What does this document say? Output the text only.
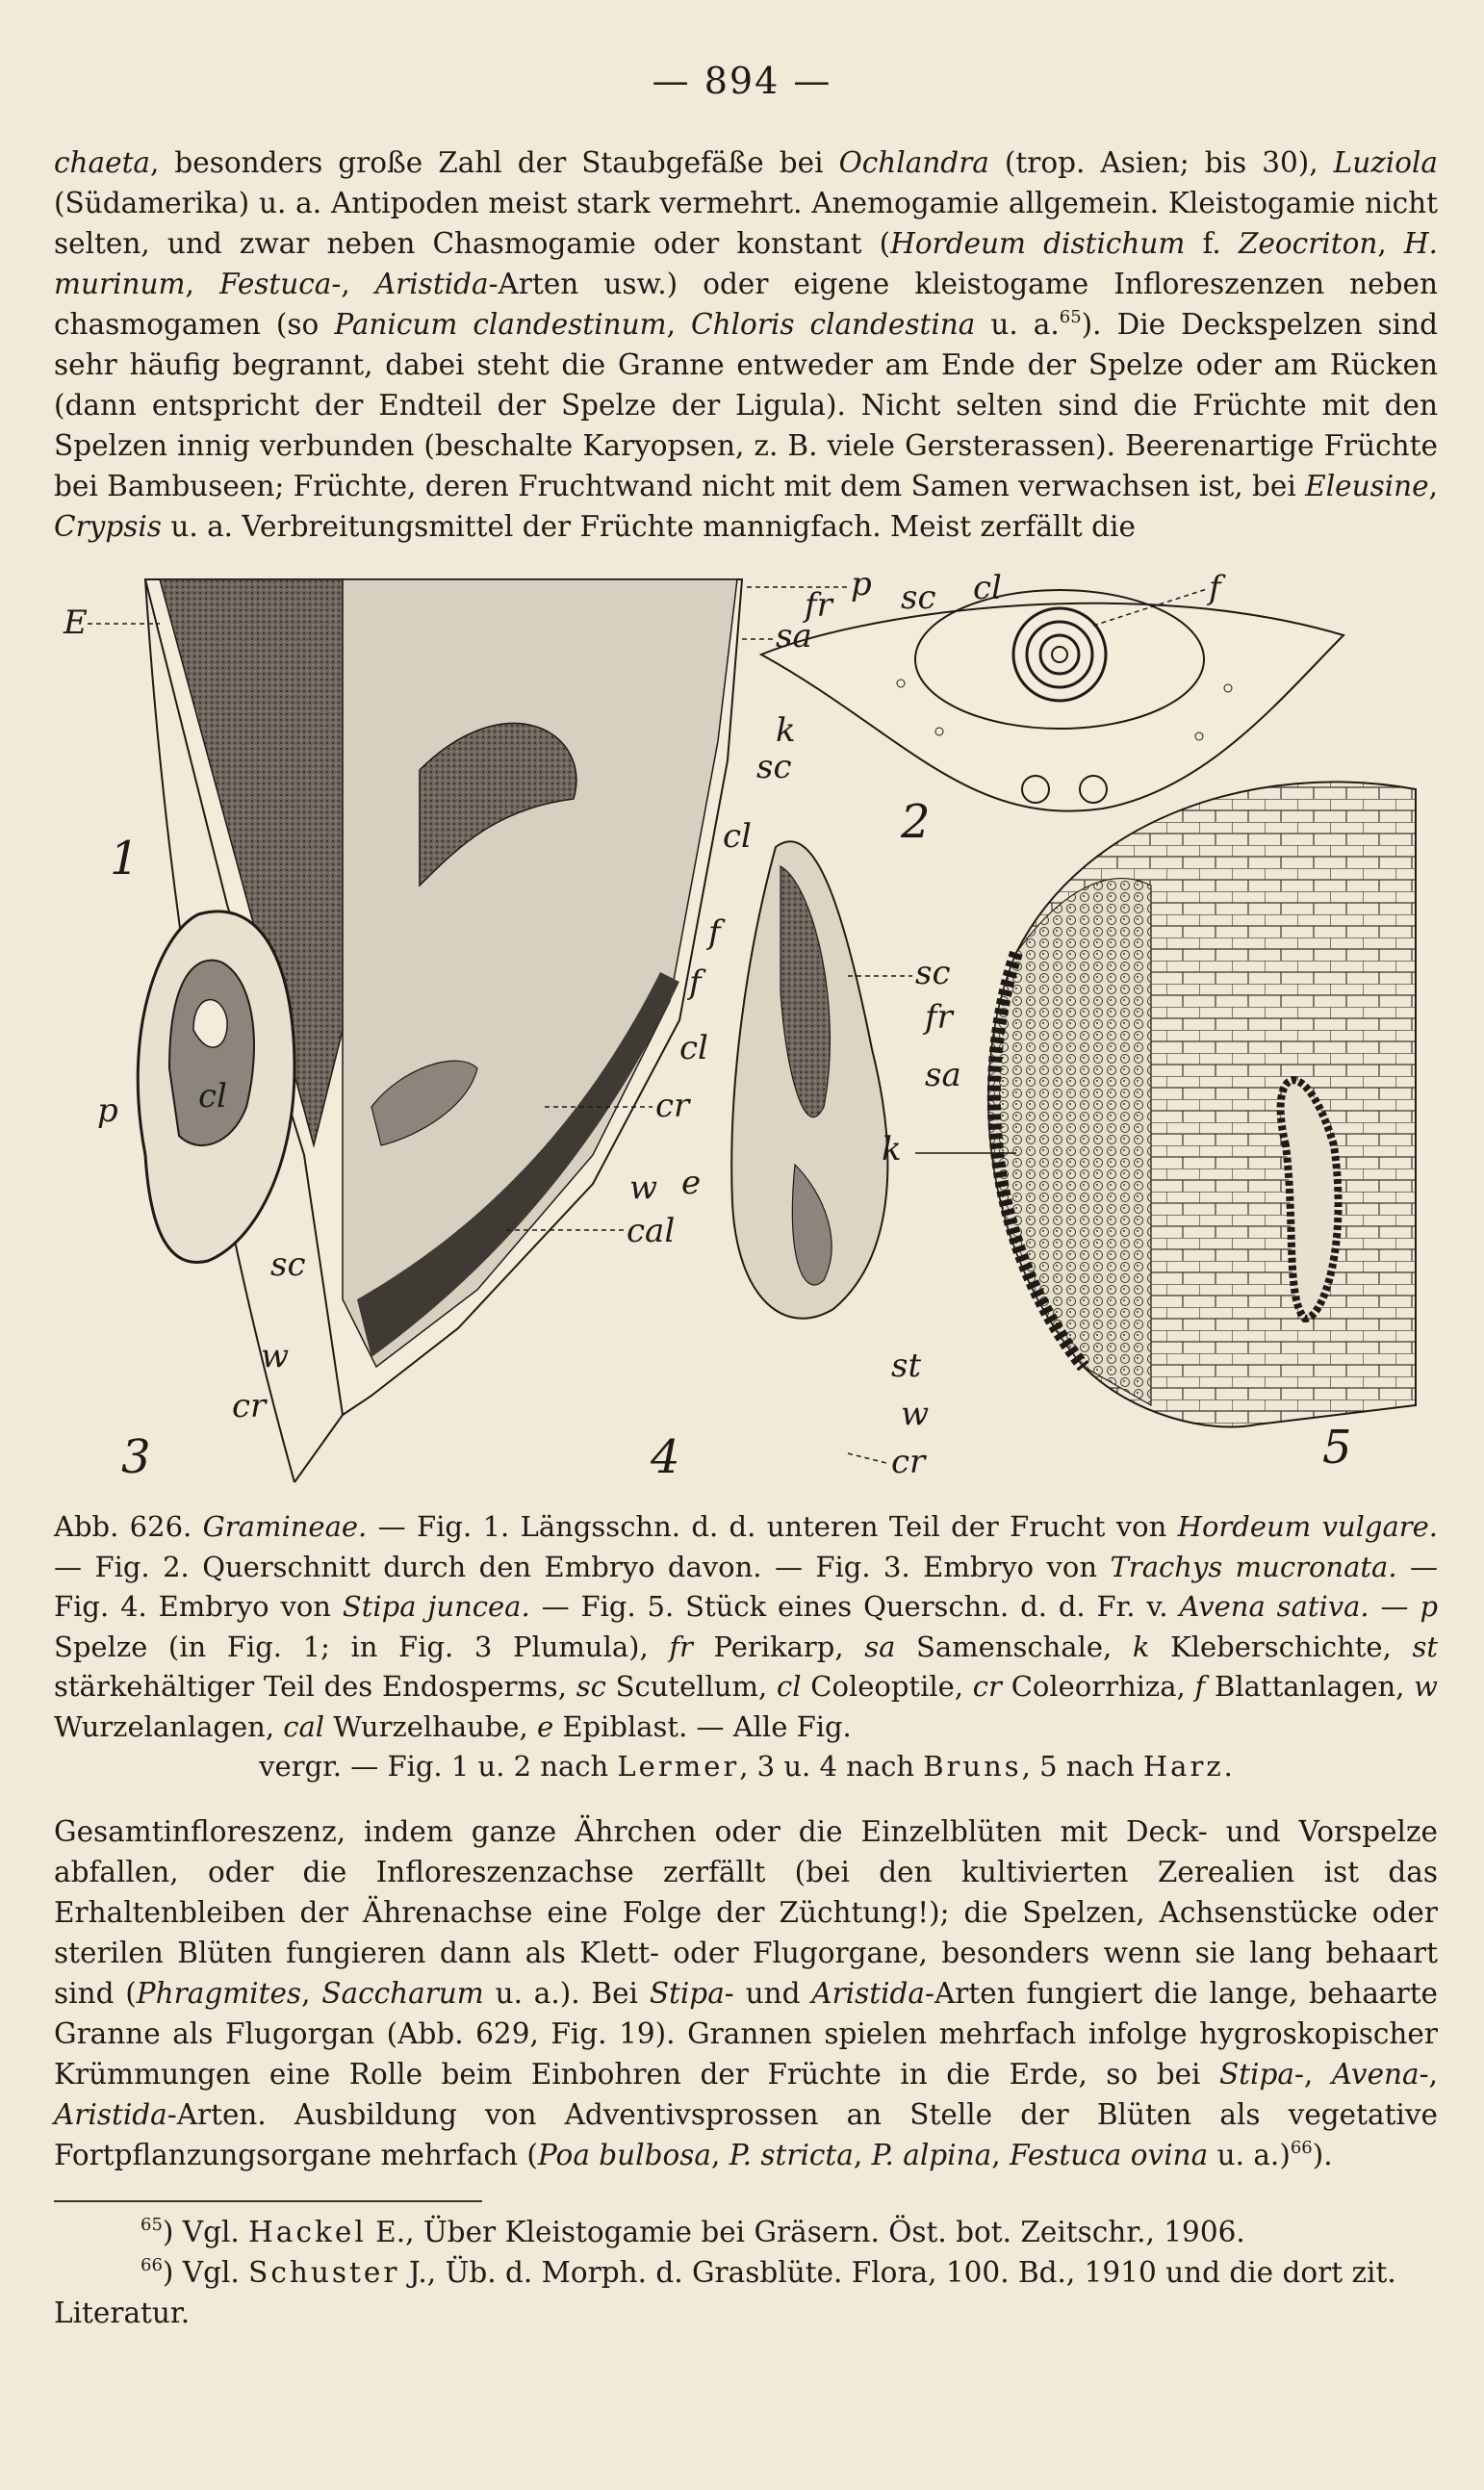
— 894 —

chaeta, besonders große Zahl der Staubgefäße bei Ochlandra (trop. Asien; bis 30), Luziola (Südamerika) u. a. Antipoden meist stark vermehrt. Anemogamie allgemein. Kleistogamie nicht selten, und zwar neben Chasmogamie oder konstant (Hordeum distichum f. Zeocriton, H. murinum, Festuca-, Aristida-Arten usw.) oder eigene kleistogame Infloreszenzen neben chasmogamen (so Panicum clandestinum, Chloris clandestina u. a.$^{65}$). Die Deckspelzen sind sehr häufig begrannt, dabei steht die Granne entweder am Ende der Spelze oder am Rücken (dann entspricht der Endteil der Spelze der Ligula). Nicht selten sind die Früchte mit den Spelzen innig verbunden (beschalte Karyopsen, z. B. viele Gersterassen). Beerenartige Früchte bei Bambuseen; Früchte, deren Fruchtwand nicht mit dem Samen verwachsen ist, bei Eleusine, Crypsis u. a. Verbreitungsmittel der Früchte mannigfach. Meist zerfällt die

1
2
3	4	5
E
p
fr
sa
sc cl	f
k
sc
cl
f
f
cl
cr
w e
cal
sc
fr
sa
k
p cl
sc
w
cr
st
w
cr

Abb. 626. Gramineae. — Fig. 1. Längsschn. d. d. unteren Teil der Frucht von Hordeum vulgare. — Fig. 2. Querschnitt durch den Embryo davon. — Fig. 3. Embryo von Trachys mucronata. — Fig. 4. Embryo von Stipa juncea. — Fig. 5. Stück eines Querschn. d. d. Fr. v. Avena sativa. — p Spelze (in Fig. 1; in Fig. 3 Plumula), fr Perikarp, sa Samenschale, k Kleberschichte, st stärkehältiger Teil des Endosperms, sc Scutellum, cl Coleoptile, cr Coleorrhiza, f Blattanlagen, w Wurzelanlagen, cal Wurzelhaube, e Epiblast. — Alle Fig.

vergr. — Fig. 1 u. 2 nach Lermer, 3 u. 4 nach Bruns, 5 nach Harz.

Gesamtinfloreszenz, indem ganze Ährchen oder die Einzelblüten mit Deck- und Vorspelze abfallen, oder die Infloreszenzachse zerfällt (bei den kultivierten Zerealien ist das Erhaltenbleiben der Ährenachse eine Folge der Züchtung!); die Spelzen, Achsenstücke oder sterilen Blüten fungieren dann als Klett- oder Flugorgane, besonders wenn sie lang behaart sind (Phragmites, Saccharum u. a.). Bei Stipa- und Aristida-Arten fungiert die lange, behaarte Granne als Flugorgan (Abb. 629, Fig. 19). Grannen spielen mehrfach infolge hygroskopischer Krümmungen eine Rolle beim Einbohren der Früchte in die Erde, so bei Stipa-, Avena-, Aristida-Arten. Ausbildung von Adventivsprossen an Stelle der Blüten als vegetative Fortpflanzungsorgane mehrfach (Poa bulbosa, P. stricta, P. alpina, Festuca ovina u. a.)$^{66}$).

$^{65}$) Vgl. Hackel E., Über Kleistogamie bei Gräsern. Öst. bot. Zeitschr., 1906.

$^{66}$) Vgl. Schuster J., Üb. d. Morph. d. Grasblüte. Flora, 100. Bd., 1910 und die dort zit. Literatur.
